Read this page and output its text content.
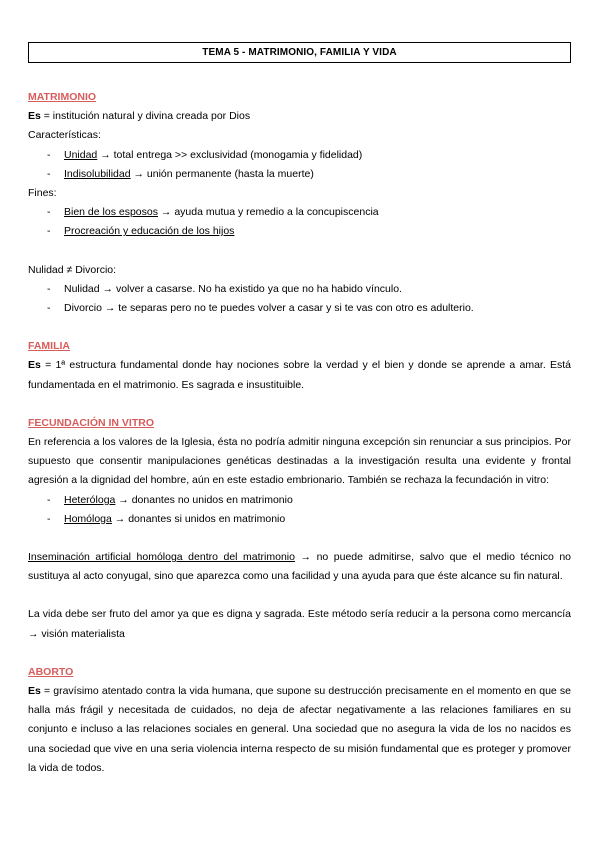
TEMA 5 - MATRIMONIO, FAMILIA Y VIDA
MATRIMONIO

Es = institución natural y divina creada por Dios

Características:

- Unidad → total entrega >> exclusividad (monogamia y fidelidad)
- Indisolubilidad → unión permanente (hasta la muerte)

Fines:

- Bien de los esposos → ayuda mutua y remedio a la concupiscencia
- Procreación y educación de los hijos

Nulidad ≠ Divorcio:

- Nulidad → volver a casarse. No ha existido ya que no ha habido vínculo.
- Divorcio → te separas pero no te puedes volver a casar y si te vas con otro es adulterio.
FAMILIA

Es = 1ª estructura fundamental donde hay nociones sobre la verdad y el bien y donde se aprende a amar. Está fundamentada en el matrimonio. Es sagrada e insustituible.

FECUNDACIÓN IN VITRO

En referencia a los valores de la Iglesia, ésta no podría admitir ninguna excepción sin renunciar a sus principios. Por supuesto que consentir manipulaciones genéticas destinadas a la investigación resulta una evidente y frontal agresión a la dignidad del hombre, aún en este estadio embrionario. También se rechaza la fecundación in vitro:

- Heteróloga → donantes no unidos en matrimonio
- Homóloga → donantes si unidos en matrimonio

Inseminación artificial homóloga dentro del matrimonio → no puede admitirse, salvo que el medio técnico no sustituya al acto conyugal, sino que aparezca como una facilidad y una ayuda para que éste alcance su fin natural.

La vida debe ser fruto del amor ya que es digna y sagrada. Este método sería reducir a la persona como mercancía → visión materialista

ABORTO

Es = gravísimo atentado contra la vida humana, que supone su destrucción precisamente en el momento en que se halla más frágil y necesitada de cuidados, no deja de afectar negativamente a las relaciones familiares en su conjunto e incluso a las relaciones sociales en general. Una sociedad que no asegura la vida de los no nacidos es una sociedad que vive en una seria violencia interna respecto de su misión fundamental que es proteger y promover la vida de todos.
